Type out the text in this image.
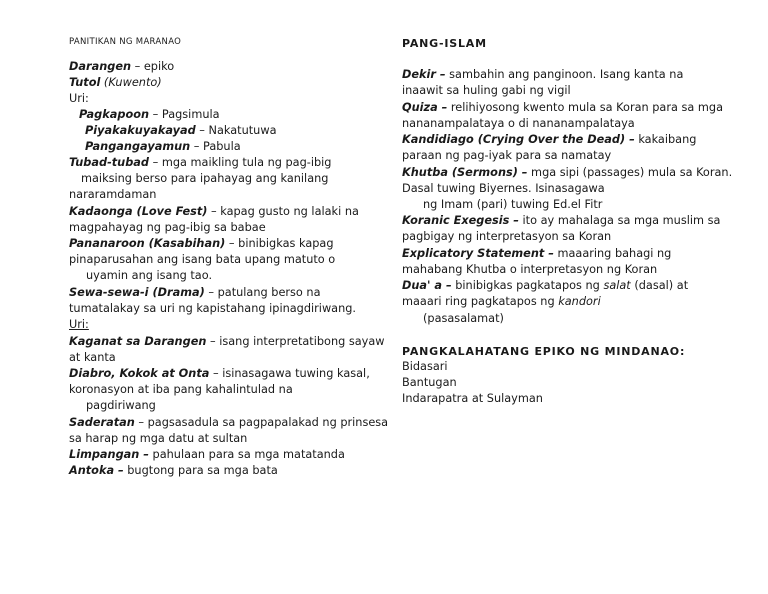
PANITIKAN NG MARANAO
Darangen – epiko
Tutol (Kuwento)
Uri:
Pagkapoon – Pagsimula
Piyakakuyakayad – Nakatutuwa
Pangangayamun – Pabula
Tubad-tubad – mga maikling tula ng pag-ibig
maiksing berso para ipahayag ang kanilang
nararamdaman
Kadaonga (Love Fest) – kapag gusto ng lalaki na
magpahayag ng pag-ibig sa babae
Pananaroon (Kasabihan) – binibigkas kapag
pinaparusahan ang isang bata upang matuto o
uyamin ang isang tao.
Sewa-sewa-i (Drama) – patulang berso na
tumatalakay sa uri ng kapistahang ipinagdiriwang.
Uri:
Kaganat sa Darangen – isang interpretatibong sayaw
at kanta
Diabro, Kokok at Onta – isinasagawa tuwing kasal,
koronasyon at iba pang kahalintulad na
pagdiriwang
Saderatan – pagsasadula sa pagpapalakad ng prinsesa
sa harap ng mga datu at sultan
Limpangan – pahulaan para sa mga matatanda
Antoka – bugtong para sa mga bata
PANG-ISLAM
Dekir – sambahin ang panginoon. Isang kanta na
inaawit sa huling gabi ng vigil
Quiza – relihiyosong kwento mula sa Koran para sa mga
nananampalataya o di nananampalataya
Kandidiago (Crying Over the Dead) – kakaibang
paraan ng pag-iyak para sa namatay
Khutba (Sermons) – mga sipi (passages) mula sa Koran.
Dasal tuwing Biyernes. Isinasagawa
ng Imam (pari) tuwing Ed.el Fitr
Koranic Exegesis – ito ay mahalaga sa mga muslim sa
pagbigay ng interpretasyon sa Koran
Explicatory Statement – maaaring bahagi ng
mahabang Khutba o interpretasyon ng Koran
Dua' a – binibigkas pagkatapos ng salat (dasal) at
maaari ring pagkatapos ng kandori
(pasasalamat)
PANGKALAHATANG EPIKO NG MINDANAO:
Bidasari
Bantugan
Indarapatra at Sulayman
